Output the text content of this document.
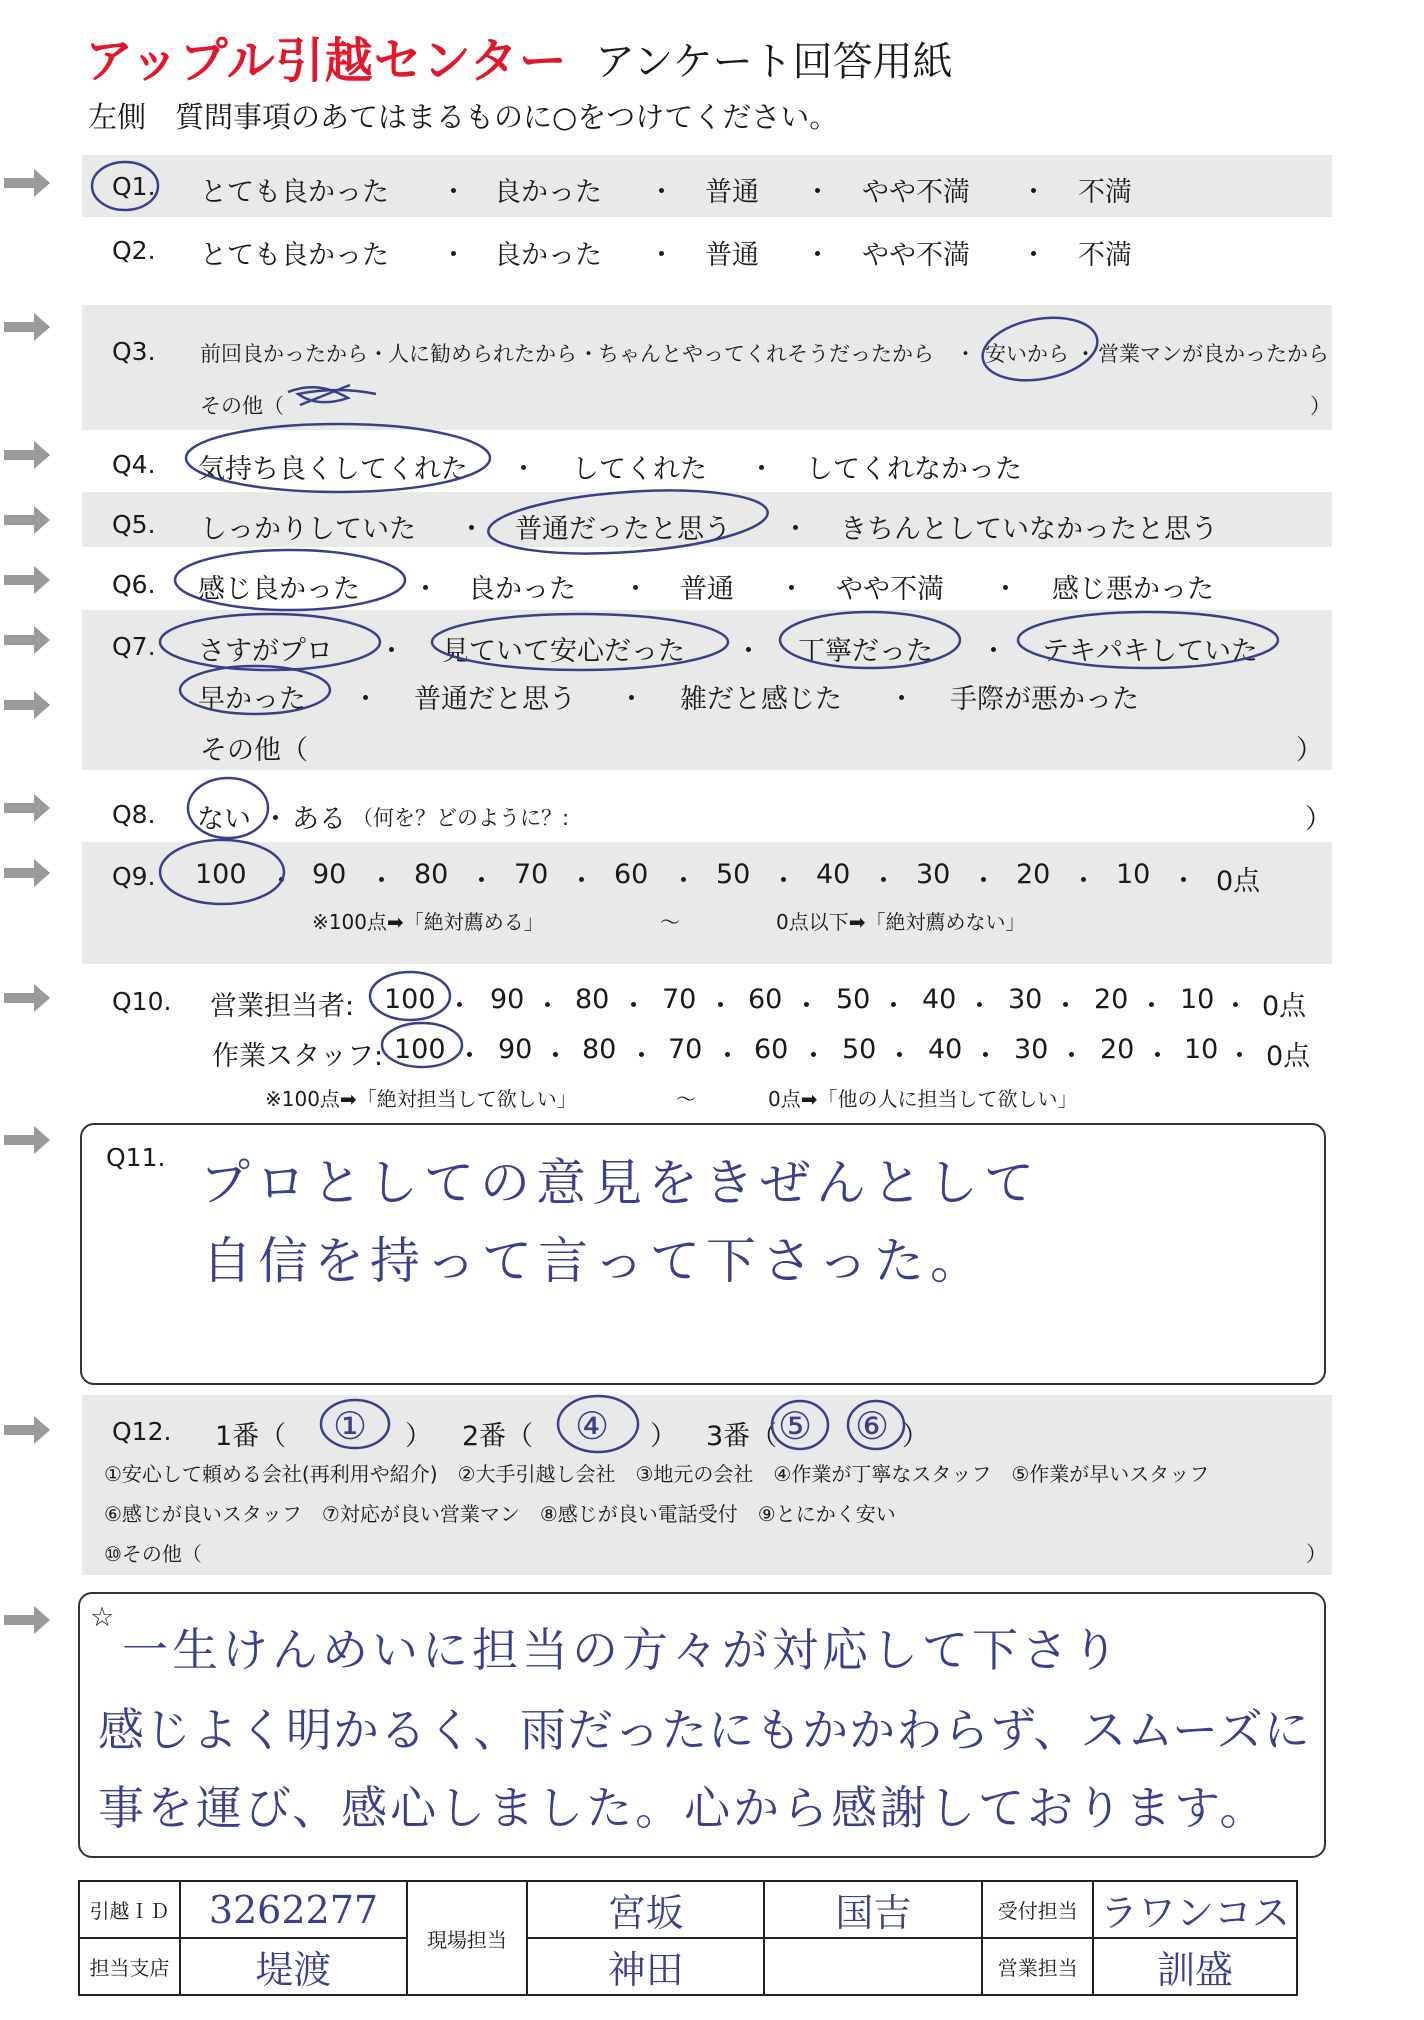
アップル引越センター アンケート回答用紙
左側　質問事項のあてはまるものに○をつけてください。
Q1. とても良かった ・ 良かった ・ 普通 ・ やや不満 ・ 不満
Q2. とても良かった ・ 良かった ・ 普通 ・ やや不満 ・ 不満
Q3. 前回良かったから ・ 人に勧められたから ・ ちゃんとやってくれそうだったから ・ 安いから ・ 営業マンが良かったから
その他（	）
Q4. 気持ち良くしてくれた ・ してくれた ・ してくれなかった
Q5. しっかりしていた ・ 普通だったと思う ・ きちんとしていなかったと思う
Q6. 感じ良かった ・ 良かった ・ 普通 ・ やや不満 ・ 感じ悪かった
Q7. さすがプロ ・ 見ていて安心だった ・ 丁寧だった ・ テキパキしていた
早かった ・ 普通だと思う ・ 雑だと感じた ・ 手際が悪かった
その他（	）
Q8. ない ・ ある （何を？どのように？:	）
Q9. 100 ・ 90 ・ 80 ・ 70 ・ 60 ・ 50 ・ 40 ・ 30 ・ 20 ・ 10 ・ 0点
※100点➡「絶対薦める」	〜	0点以下➡「絶対薦めない」
Q10. 営業担当者: 100 ・ 90 ・ 80 ・ 70 ・ 60 ・ 50 ・ 40 ・ 30 ・ 20 ・ 10 ・ 0点
作業スタッフ: 100 ・ 90 ・ 80 ・ 70 ・ 60 ・ 50 ・ 40 ・ 30 ・ 20 ・ 10 ・ 0点
※100点➡「絶対担当して欲しい」	〜	0点➡「他の人に担当して欲しい」
Q11. プロとしての意見をきぜんとして
自信を持って言って下さった。
Q12. 1番（ ① ） 2番（ ④ ） 3番（ ⑤ ⑥ ）
①安心して頼める会社(再利用や紹介)　②大手引越し会社　③地元の会社　④作業が丁寧なスタッフ　⑤作業が早いスタッフ
⑥感じが良いスタッフ　⑦対応が良い営業マン　⑧感じが良い電話受付　⑨とにかく安い
⑩その他（	）
☆
一生けんめいに担当の方々が対応して下さり
感じよく明かるく、雨だったにもかかわらず、スムーズに
事を運び、感心しました。心から感謝しております。
引越ＩＤ	3262277	現場担当	宮坂	国吉	受付担当	ラワンコス
担当支店	堤渡		神田		営業担当	訓盛
